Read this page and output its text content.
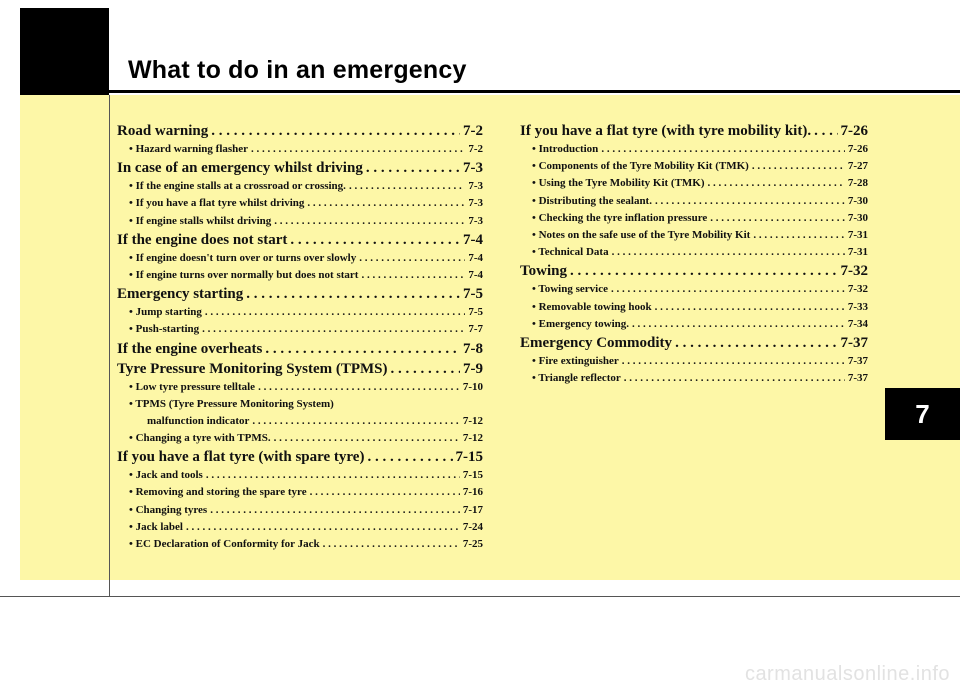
What to do in an emergency
Road warning . . .	7-2
• Hazard warning flasher . . .	7-2
In case of an emergency whilst driving . . .	7-3
• If the engine stalls at a crossroad or crossing. . . .	7-3
• If you have a flat tyre whilst driving . . .	7-3
• If engine stalls whilst driving . . .	7-3
If the engine does not start . . .	7-4
• If engine doesn't turn over or turns over slowly . . .	7-4
• If engine turns over normally but does not start . . .	7-4
Emergency starting . . .	7-5
• Jump starting . . .	7-5
• Push-starting . . .	7-7
If the engine overheats . . .	7-8
Tyre Pressure Monitoring System (TPMS) . . .	7-9
• Low tyre pressure telltale . . .	7-10
• TPMS (Tyre Pressure Monitoring System)
malfunction indicator . . .	7-12
• Changing a tyre with TPMS. . . .	7-12
If you have a flat tyre (with spare tyre) . . .	7-15
• Jack and tools . . .	7-15
• Removing and storing the spare tyre . . .	7-16
• Changing tyres . . .	7-17
• Jack label . . .	7-24
• EC Declaration of Conformity for Jack . . .	7-25
If you have a flat tyre (with tyre mobility kit). . . . 7-26
• Introduction . . .	7-26
• Components of the Tyre Mobility Kit (TMK) . . .	7-27
• Using the Tyre Mobility Kit (TMK) . . .	7-28
• Distributing the sealant. . . .	7-30
• Checking the tyre inflation pressure . . .	7-30
• Notes on the safe use of the Tyre Mobility Kit . . .	7-31
• Technical Data . . .	7-31
Towing . . .	7-32
• Towing service . . .	7-32
• Removable towing hook . . .	7-33
• Emergency towing. . . .	7-34
Emergency Commodity . . .	7-37
• Fire extinguisher . . .	7-37
• Triangle reflector . . .	7-37
7
carmanualsonline.info
